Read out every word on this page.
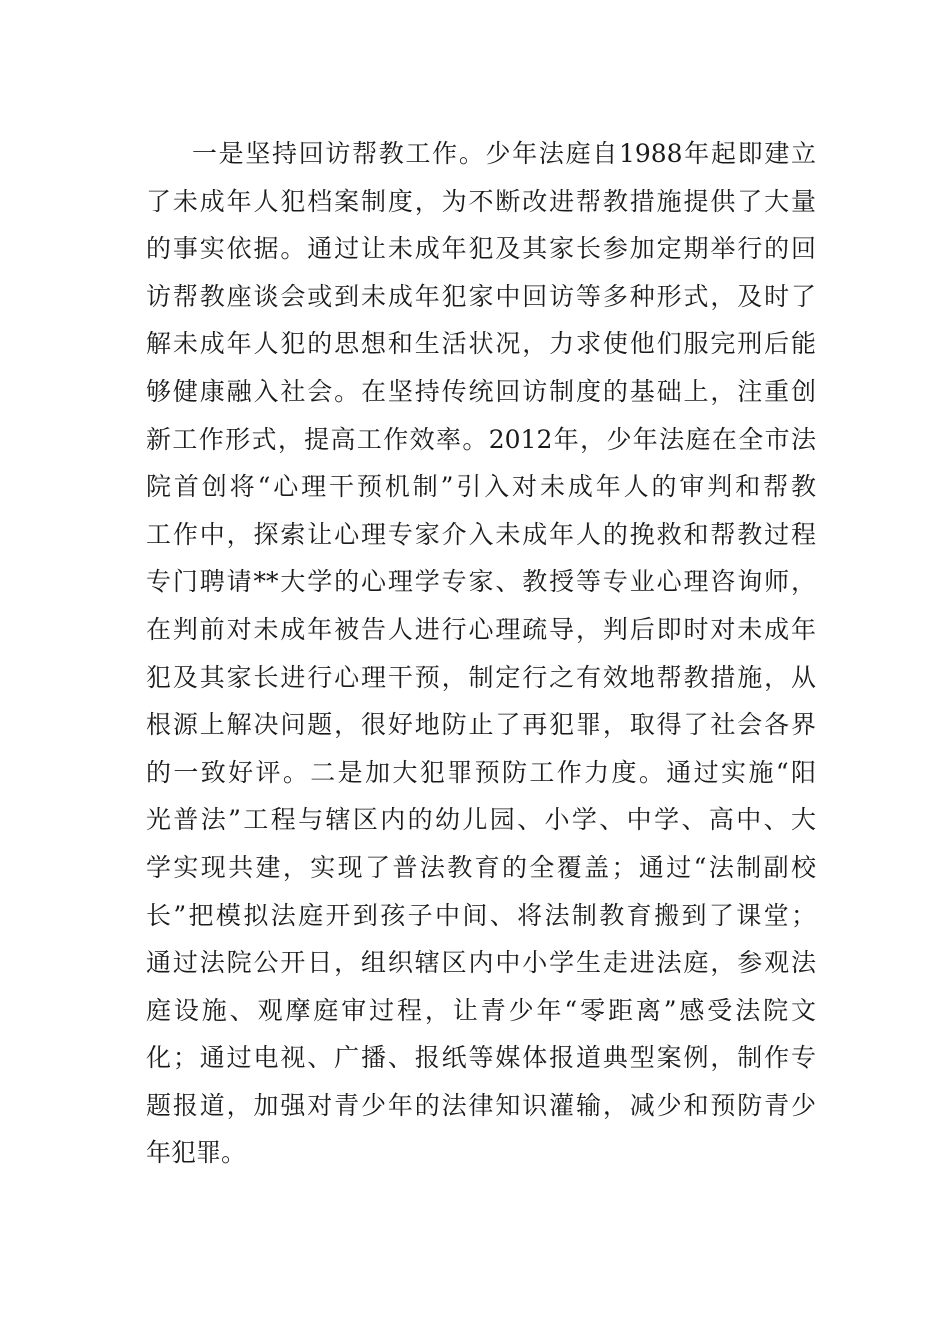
一是坚持回访帮教工作。少年法庭自1988年起即建立
了未成年人犯档案制度，为不断改进帮教措施提供了大量
的事实依据。通过让未成年犯及其家长参加定期举行的回
访帮教座谈会或到未成年犯家中回访等多种形式，及时了
解未成年人犯的思想和生活状况，力求使他们服完刑后能
够健康融入社会。在坚持传统回访制度的基础上，注重创
新工作形式，提高工作效率。2012年，少年法庭在全市法
院首创将“心理干预机制”引入对未成年人的审判和帮教
工作中，探索让心理专家介入未成年人的挽救和帮教过程
专门聘请**大学的心理学专家、教授等专业心理咨询师，
在判前对未成年被告人进行心理疏导，判后即时对未成年
犯及其家长进行心理干预，制定行之有效地帮教措施，从
根源上解决问题，很好地防止了再犯罪，取得了社会各界
的一致好评。二是加大犯罪预防工作力度。通过实施“阳
光普法”工程与辖区内的幼儿园、小学、中学、高中、大
学实现共建，实现了普法教育的全覆盖；通过“法制副校
长”把模拟法庭开到孩子中间、将法制教育搬到了课堂；
通过法院公开日，组织辖区内中小学生走进法庭，参观法
庭设施、观摩庭审过程，让青少年“零距离”感受法院文
化；通过电视、广播、报纸等媒体报道典型案例，制作专
题报道，加强对青少年的法律知识灌输，减少和预防青少
年犯罪。
